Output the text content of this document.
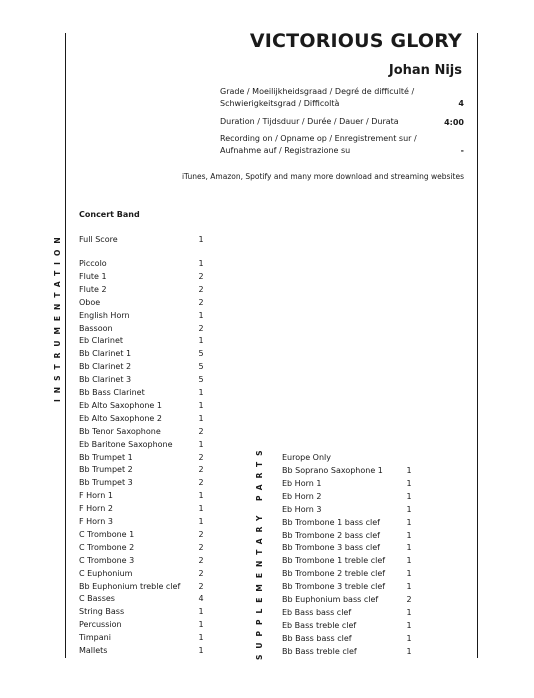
VICTORIOUS GLORY
Johan Nijs
Grade / Moeilijkheidsgraad / Degré de difficulté /
Schwierigkeitsgrad / Difficoltà	4
Duration / Tijdsduur / Durée / Dauer / Durata	4:00
Recording on / Opname op / Enregistrement sur /
Aufnahme auf / Registrazione su	-
iTunes, Amazon, Spotify and many more download and streaming websites
INSTRUMENTATION
SUPPLEMENTARY PARTS
Concert Band
Full Score	1
Piccolo	1
Flute 1	2
Flute 2	2
Oboe	2
English Horn	1
Bassoon	2
Eb Clarinet	1
Bb Clarinet 1	5
Bb Clarinet 2	5
Bb Clarinet 3	5
Bb Bass Clarinet	1
Eb Alto Saxophone 1	1
Eb Alto Saxophone 2	1
Bb Tenor Saxophone	2
Eb Baritone Saxophone	1
Bb Trumpet 1	2
Bb Trumpet 2	2
Bb Trumpet 3	2
F Horn 1	1
F Horn 2	1
F Horn 3	1
C Trombone 1	2
C Trombone 2	2
C Trombone 3	2
C Euphonium	2
Bb Euphonium treble clef	2
C Basses	4
String Bass	1
Percussion	1
Timpani	1
Mallets	1
Europe Only
Bb Soprano Saxophone 1	1
Eb Horn 1	1
Eb Horn 2	1
Eb Horn 3	1
Bb Trombone 1 bass clef	1
Bb Trombone 2 bass clef	1
Bb Trombone 3 bass clef	1
Bb Trombone 1 treble clef	1
Bb Trombone 2 treble clef	1
Bb Trombone 3 treble clef	1
Bb Euphonium bass clef	2
Eb Bass bass clef	1
Eb Bass treble clef	1
Bb Bass bass clef	1
Bb Bass treble clef	1
